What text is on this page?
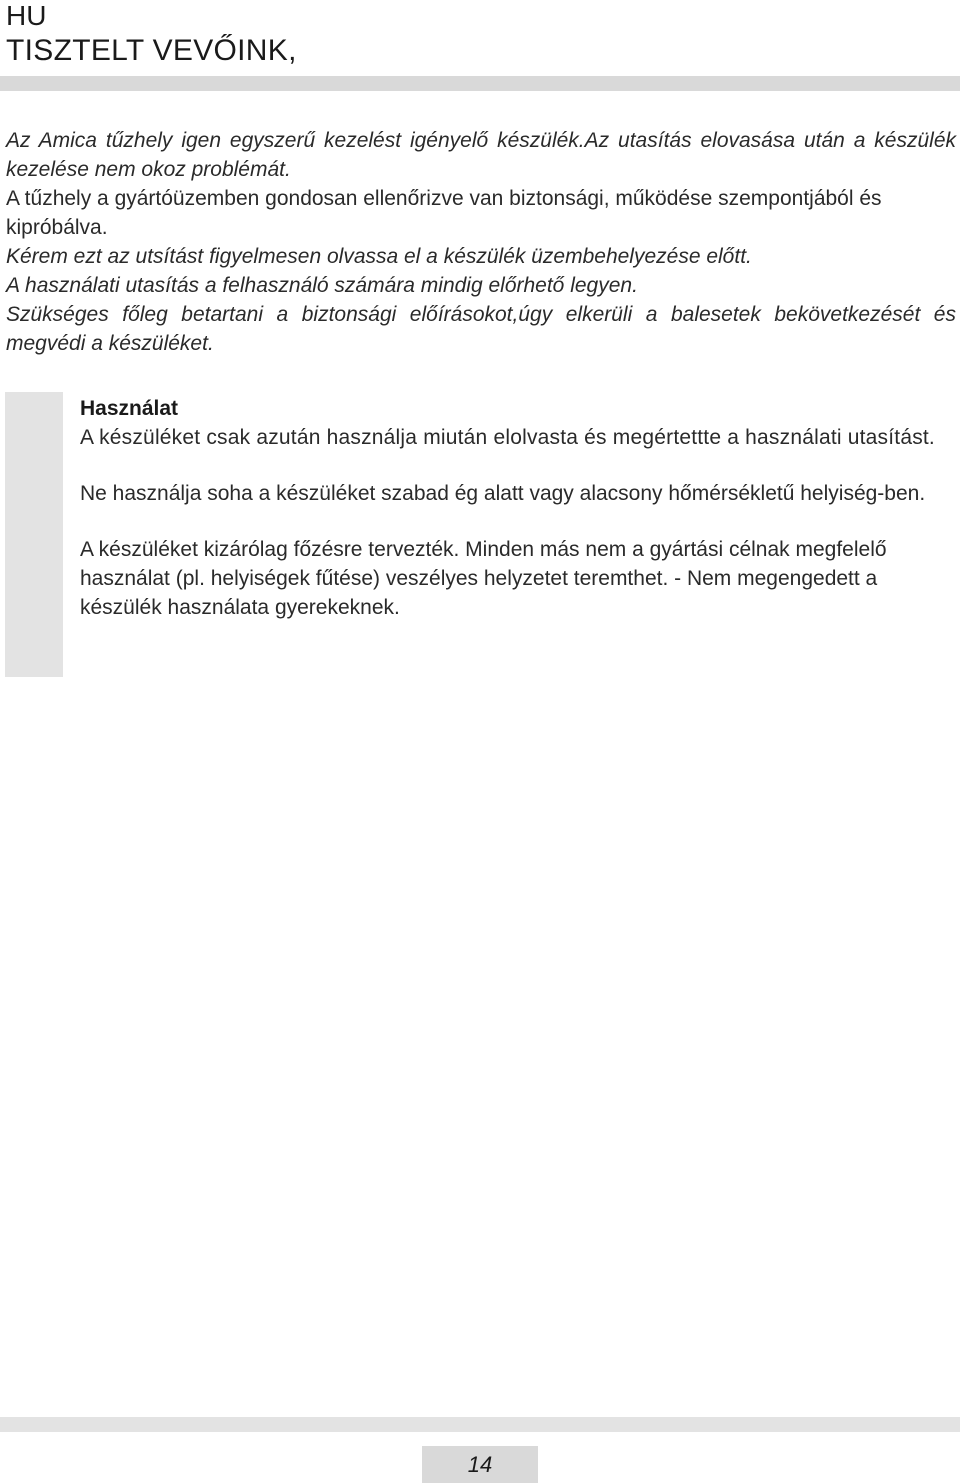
HU
TISZTELT VEVŐINK,

Az Amica tűzhely igen egyszerű kezelést igényelő készülék.Az utasítás elovasása után a készülék kezelése nem okoz problémát.

A tűzhely a gyártóüzemben gondosan ellenőrizve van biztonsági, működése szempontjából és kipróbálva.

Kérem ezt az utsítást figyelmesen olvassa el a készülék üzembehelyezése előtt.

A használati utasítás a felhasználó számára mindig előrhető legyen.

Szükséges főleg betartani a biztonsági előírásokot,úgy elkerüli a balesetek bekövetkezését és megvédi a készüléket.

Használat

A készüléket csak azután használja miután elolvasta és megértettte a használati utasítást.

Ne használja soha a készüléket szabad ég alatt vagy alacsony hőmérsékletű helyiség-ben.

A készüléket kizárólag főzésre tervezték. Minden más nem a gyártási célnak megfelelő használat (pl. helyiségek fűtése) veszélyes helyzetet teremthet. - Nem megengedett a készülék használata gyerekeknek.

14
